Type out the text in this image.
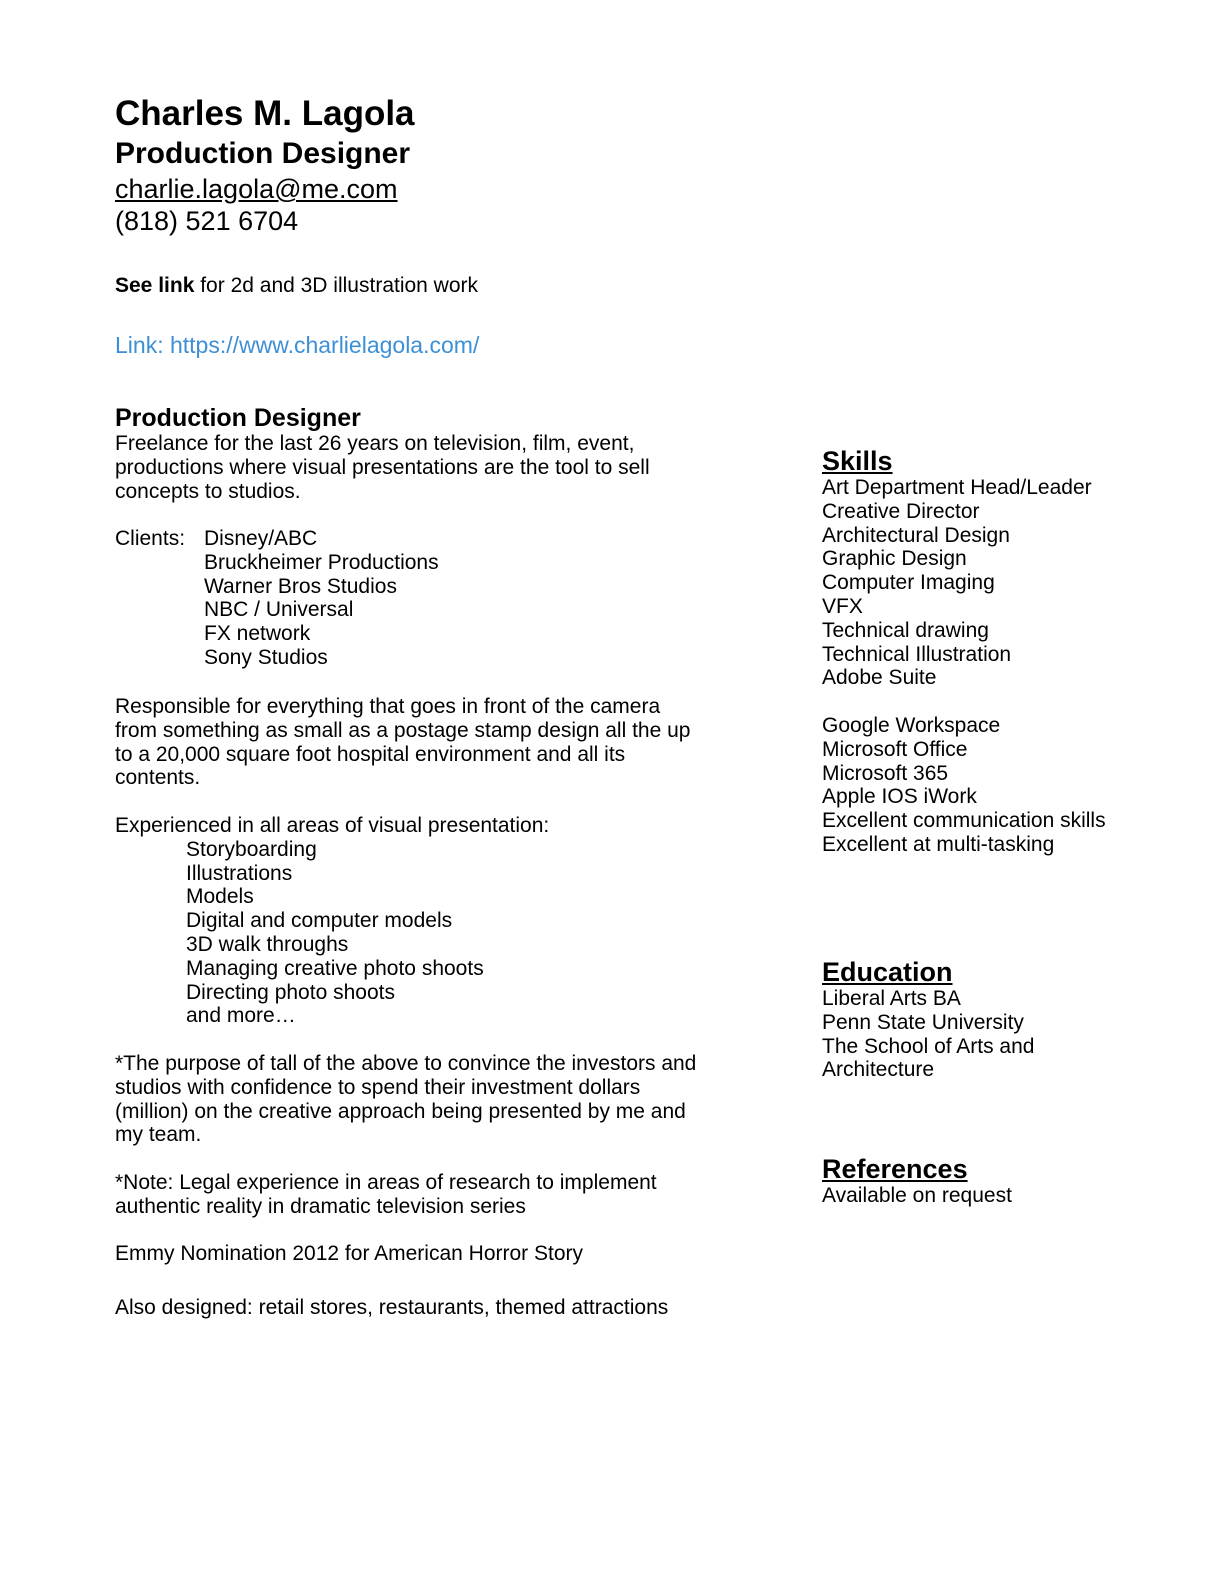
Charles M. Lagola
Production Designer
charlie.lagola@me.com
(818) 521 6704
See link for 2d and 3D illustration work
Link: https://www.charlielagola.com/
Production Designer

Freelance for the last 26 years on television, film, event, productions where visual presentations are the tool to sell concepts to studios.

Clients: Disney/ABC
Bruckheimer Productions
Warner Bros Studios
NBC / Universal
FX network
Sony Studios

Responsible for everything that goes in front of the camera from something as small as a postage stamp design all the up to a 20,000 square foot hospital environment and all its contents.

Experienced in all areas of visual presentation:

Storyboarding
Illustrations
Models
Digital and computer models
3D walk throughs
Managing creative photo shoots
Directing photo shoots
and more…

*The purpose of tall of the above to convince the investors and studios with confidence to spend their investment dollars (million) on the creative approach being presented by me and my team.

*Note: Legal experience in areas of research to implement authentic reality in dramatic television series

Emmy Nomination 2012 for American Horror Story

Also designed: retail stores, restaurants, themed attractions

Skills
Art Department Head/Leader
Creative Director
Architectural Design
Graphic Design
Computer Imaging
VFX
Technical drawing
Technical Illustration
Adobe Suite
Google Workspace
Microsoft Office
Microsoft 365
Apple IOS iWork
Excellent communication skills
Excellent at multi-tasking
Education
Liberal Arts BA
Penn State University
The School of Arts and
Architecture
References
Available on request
